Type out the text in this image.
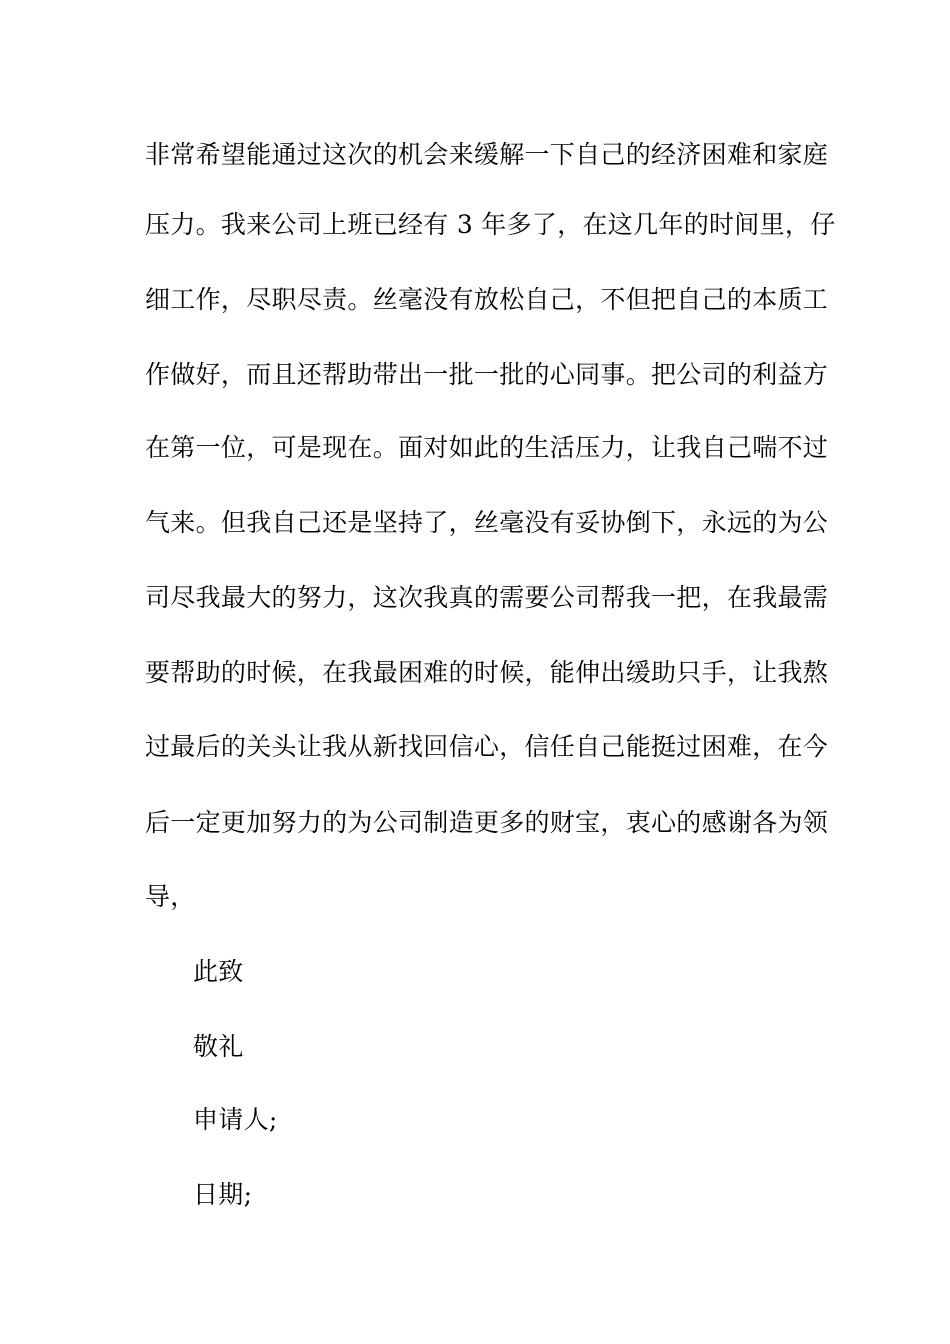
非常希望能通过这次的机会来缓解一下自己的经济困难和家庭
压力。我来公司上班已经有 3 年多了，在这几年的时间里，仔
细工作，尽职尽责。丝毫没有放松自己，不但把自己的本质工
作做好，而且还帮助带出一批一批的心同事。把公司的利益方
在第一位，可是现在。面对如此的生活压力，让我自己喘不过
气来。但我自己还是坚持了，丝毫没有妥协倒下，永远的为公
司尽我最大的努力，这次我真的需要公司帮我一把，在我最需
要帮助的时候，在我最困难的时候，能伸出缓助只手，让我熬
过最后的关头让我从新找回信心，信任自己能挺过困难，在今
后一定更加努力的为公司制造更多的财宝，衷心的感谢各为领
导，
此致
敬礼
申请人;
日期;
